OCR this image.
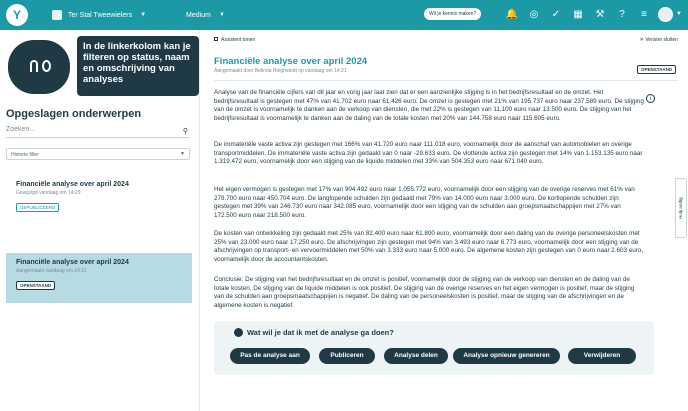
Y	Ter Stal Tweewielers ▼	Medium ▼	Wil je kennis maken?	🔔 ◎ ✓ ▦ ⚒	?	≡	▼
In de linkerkolom kan je filteren op status, naam en omschrijving van analyses
Opgeslagen onderwerpen
Zoeken...	⚲
Historie filter	▼
Financiële analyse over april 2024
Gewijzigd vandaag om 14:29
GEPUBLICEERD
Financiële analyse over april 2024
Aangemaakt vandaag om 14:21
OPENSTAAND
Assistent tonen	✕ Venster sluiten
Financiële analyse over april 2024
Aangemaakt door Belinda Rieghstedt op vandaag om 14:21	OPENSTAAND
i
Analyse van de financiële cijfers van dit jaar en vorig jaar laat zien dat er een aanzienlijke stijging is in het bedrijfsresultaat en de omzet. Het bedrijfsresultaat is gestegen met 47% van 41.702 euro naar 61.426 euro. De omzet is gestegen met 21% van 195.737 euro naar 237.589 euro. De stijging van de omzet is voornamelijk te danken aan de verkoop van diensten, die met 22% is gestegen van 11.100 euro naar 13.500 euro. De stijging van het bedrijfsresultaat is voornamelijk te danken aan de daling van de totale kosten met 20% van 144.758 euro naar 115.605 euro.
De immateriële vaste activa zijn gestegen met 166% van 41.720 euro naar 111.018 euro, voornamelijk door de aanschaf van automobielen en overige transportmiddelen. De immateriële vaste activa zijn gedaald van 0 naar -29.633 euro. De vlottende activa zijn gestegen met 14% van 1.153.135 euro naar 1.319.472 euro, voornamelijk door een stijging van de liquide middelen met 33% van 504.353 euro naar 671.040 euro.
Het eigen vermogen is gestegen met 17% van 904.492 euro naar 1.055.772 euro, voornamelijk door een stijging van de overige reserves met 61% van 279.700 euro naar 450.704 euro. De langlopende schulden zijn gedaald met 79% van 14.000 euro naar 3.000 euro. De kortlopende schulden zijn gestegen met 39% van 246.730 euro naar 342.085 euro, voornamelijk door een stijging van de schulden aan groepsmaatschappijen met 27% van 172.500 euro naar 218.500 euro.
De kosten van ontwikkeling zijn gedaald met 25% van 82.400 euro naar 61.800 euro, voornamelijk door een daling van de overige personeelskosten met 25% van 23.000 euro naar 17.250 euro. De afschrijvingen zijn gestegen met 94% van 3.493 euro naar 6.773 euro, voornamelijk door een stijging van de afschrijvingen op transport- en vervoermiddelen met 50% van 3.333 euro naar 5.000 euro. De algemene kosten zijn gestegen van 0 euro naar 2.603 euro, voornamelijk door de accountantskosten.
Conclusie: De stijging van het bedrijfsresultaat en de omzet is positief, voornamelijk door de stijging van de verkoop van diensten en de daling van de totale kosten. De stijging van de liquide middelen is ook positief. De stijging van de overige reserves en het eigen vermogen is positief, maar de stijging van de schulden aan groepsmaatschappijen is negatief. De daling van de personeelskosten is positief, maar de stijging van de afschrijvingen en de algemene kosten is negatief.
Wat wil je dat ik met de analyse ga doen?
Pas de analyse aan	Publiceren	Analyse delen	Analyse opnieuw genereren	Verwijderen
Hulp nodig
